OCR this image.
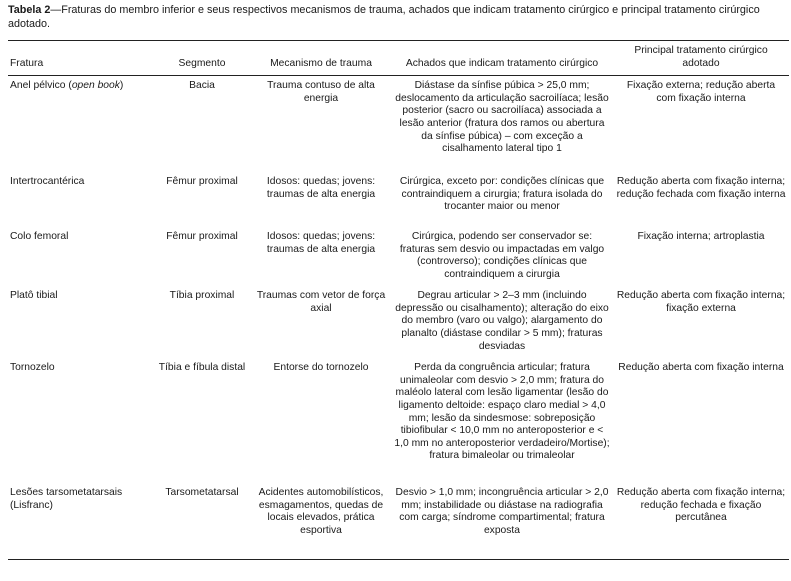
Tabela 2—Fraturas do membro inferior e seus respectivos mecanismos de trauma, achados que indicam tratamento cirúrgico e principal tratamento cirúrgico adotado.
Fratura	Segmento	Mecanismo de trauma	Achados que indicam tratamento cirúrgico	Principal tratamento cirúrgico adotado
Anel pélvico (open book)	Bacia	Trauma contuso de alta energia	Diástase da sínfise púbica > 25,0 mm; deslocamento da articulação sacroilíaca; lesão posterior (sacro ou sacroilíaca) associada a lesão anterior (fratura dos ramos ou abertura da sínfise púbica) – com exceção a cisalhamento lateral tipo 1	Fixação externa; redução aberta com fixação interna
Intertrocantérica	Fêmur proximal	Idosos: quedas; jovens: traumas de alta energia	Cirúrgica, exceto por: condições clínicas que contraindiquem a cirurgia; fratura isolada do trocanter maior ou menor	Redução aberta com fixação interna; redução fechada com fixação interna
Colo femoral	Fêmur proximal	Idosos: quedas; jovens: traumas de alta energia	Cirúrgica, podendo ser conservador se: fraturas sem desvio ou impactadas em valgo (controverso); condições clínicas que contraindiquem a cirurgia	Fixação interna; artroplastia
Platô tibial	Tíbia proximal	Traumas com vetor de força axial	Degrau articular > 2–3 mm (incluindo depressão ou cisalhamento); alteração do eixo do membro (varo ou valgo); alargamento do planalto (diástase condilar > 5 mm); fraturas desviadas	Redução aberta com fixação interna; fixação externa
Tornozelo	Tíbia e fíbula distal	Entorse do tornozelo	Perda da congruência articular; fratura unimaleolar com desvio > 2,0 mm; fratura do maléolo lateral com lesão ligamentar (lesão do ligamento deltoide: espaço claro medial > 4,0 mm; lesão da sindesmose: sobreposição tibiofibular < 10,0 mm no anteroposterior e < 1,0 mm no anteroposterior verdadeiro/Mortise); fratura bimaleolar ou trimaleolar	Redução aberta com fixação interna
Lesões tarsometatarsais (Lisfranc)	Tarsometatarsal	Acidentes automobilísticos, esmagamentos, quedas de locais elevados, prática esportiva	Desvio > 1,0 mm; incongruência articular > 2,0 mm; instabilidade ou diástase na radiografia com carga; síndrome compartimental; fratura exposta	Redução aberta com fixação interna; redução fechada e fixação percutânea
